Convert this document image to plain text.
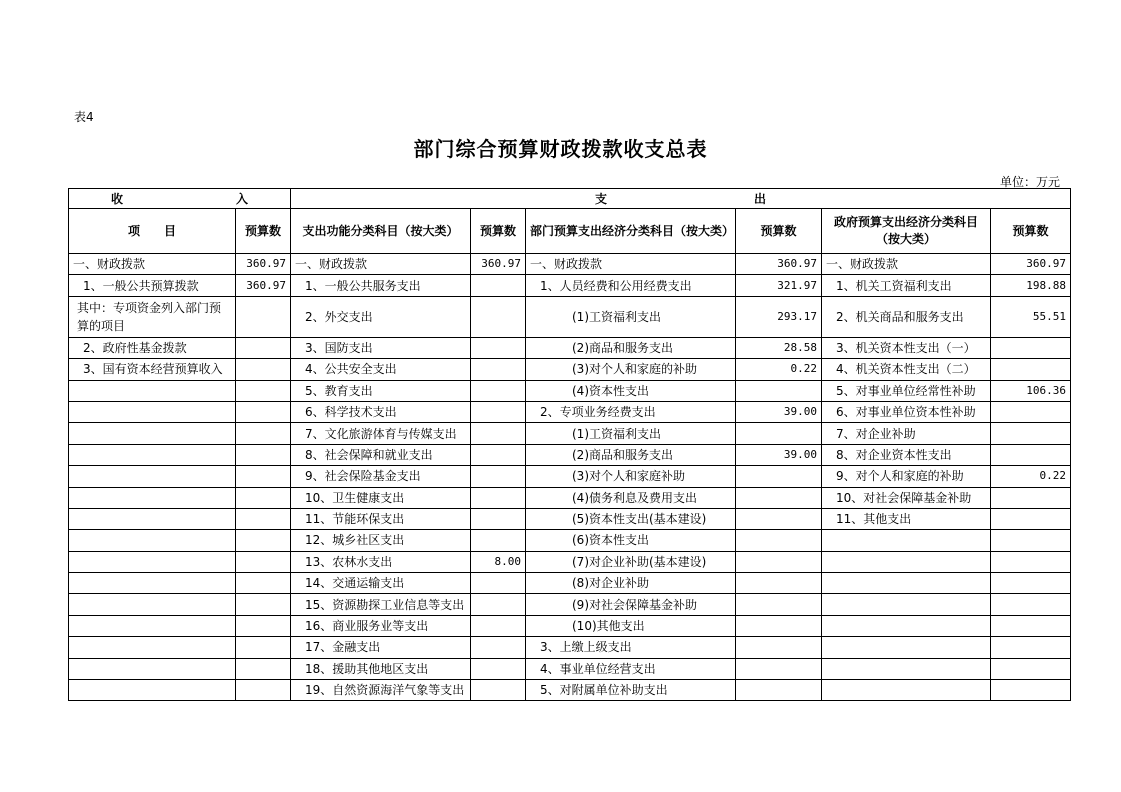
表4
部门综合预算财政拨款收支总表
单位：万元
收 入		支 出					

项　　目	预算数	支出功能分类科目（按大类）	预算数	部门预算支出经济分类科目（按大类）	预算数	政府预算支出经济分类科目（按大类）	预算数
一、财政拨款	360.97	一、财政拨款	360.97	一、财政拨款	360.97	一、财政拨款	360.97
1、一般公共预算拨款	360.97	1、一般公共服务支出		1、人员经费和公用经费支出	321.97	1、机关工资福利支出	198.88
其中：专项资金列入部门预算的项目		2、外交支出		(1)工资福利支出	293.17	2、机关商品和服务支出	55.51
2、政府性基金拨款		3、国防支出		(2)商品和服务支出	28.58	3、机关资本性支出（一）	
3、国有资本经营预算收入		4、公共安全支出		(3)对个人和家庭的补助	0.22	4、机关资本性支出（二）	
		5、教育支出		(4)资本性支出		5、对事业单位经常性补助	106.36
		6、科学技术支出		2、专项业务经费支出	39.00	6、对事业单位资本性补助	
		7、文化旅游体育与传媒支出		(1)工资福利支出		7、对企业补助	
		8、社会保障和就业支出		(2)商品和服务支出	39.00	8、对企业资本性支出	
		9、社会保险基金支出		(3)对个人和家庭补助		9、对个人和家庭的补助	0.22
		10、卫生健康支出		(4)债务利息及费用支出		10、对社会保障基金补助	
		11、节能环保支出		(5)资本性支出(基本建设)		11、其他支出	
		12、城乡社区支出		(6)资本性支出			
		13、农林水支出	8.00	(7)对企业补助(基本建设)			
		14、交通运输支出		(8)对企业补助			
		15、资源勘探工业信息等支出		(9)对社会保障基金补助			
		16、商业服务业等支出		(10)其他支出			
		17、金融支出		3、上缴上级支出			
		18、援助其他地区支出		4、事业单位经营支出			
		19、自然资源海洋气象等支出		5、对附属单位补助支出			
